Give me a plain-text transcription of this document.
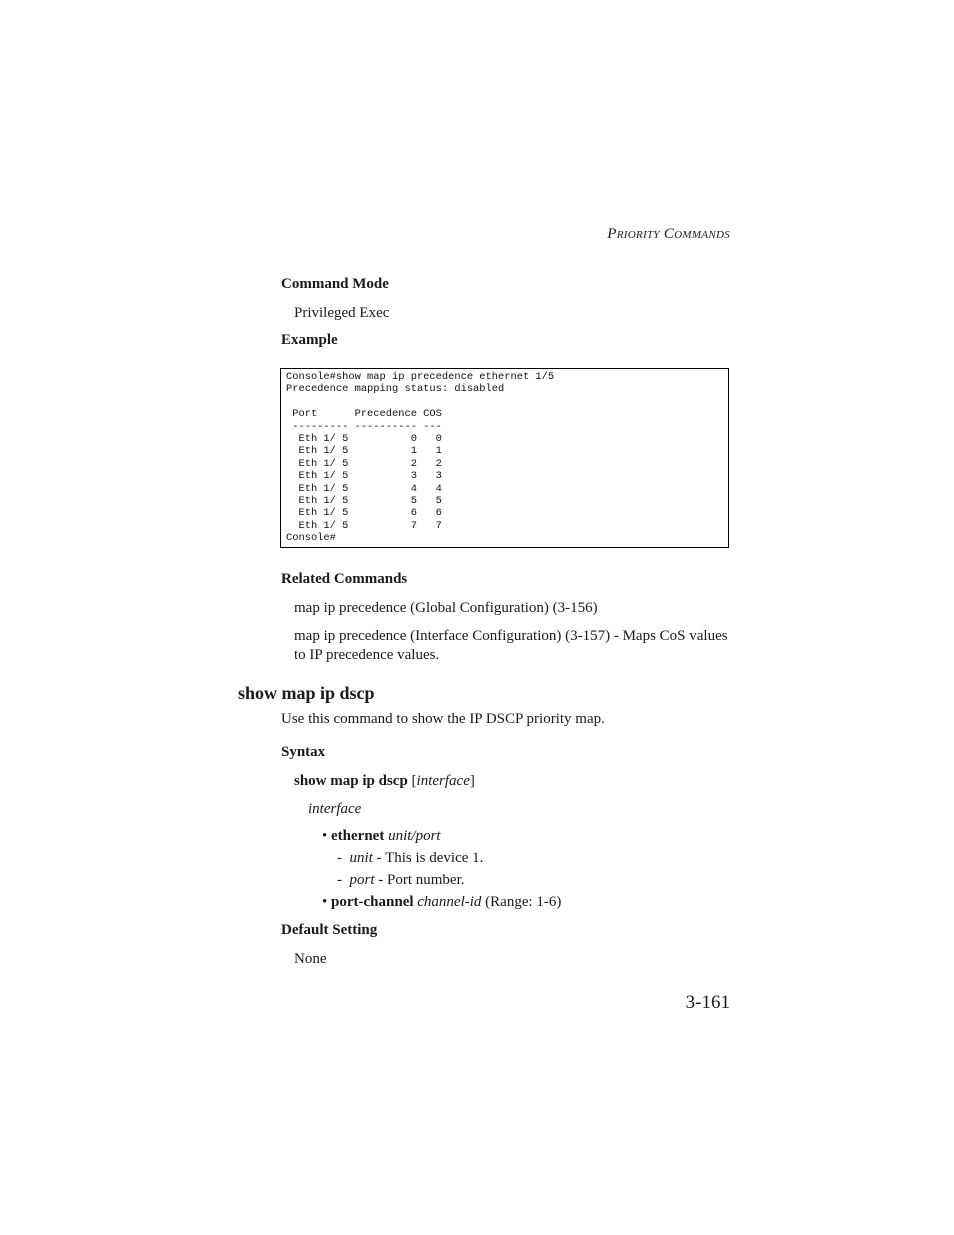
Priority Commands
Command Mode
Privileged Exec
Example
Console#show map ip precedence ethernet 1/5
Precedence mapping status: disabled

Port      Precedence COS
--------- ---------- ---
Eth 1/ 5          0   0
Eth 1/ 5          1   1
Eth 1/ 5          2   2
Eth 1/ 5          3   3
Eth 1/ 5          4   4
Eth 1/ 5          5   5
Eth 1/ 5          6   6
Eth 1/ 5          7   7
Console#
Related Commands
map ip precedence (Global Configuration) (3-156)
map ip precedence (Interface Configuration) (3-157) - Maps CoS values
to IP precedence values.
show map ip dscp
Use this command to show the IP DSCP priority map.
Syntax
show map ip dscp [interface]
interface
• ethernet unit/port
- unit - This is device 1.
- port - Port number.
• port-channel channel-id (Range: 1-6)
Default Setting
None
3-161
